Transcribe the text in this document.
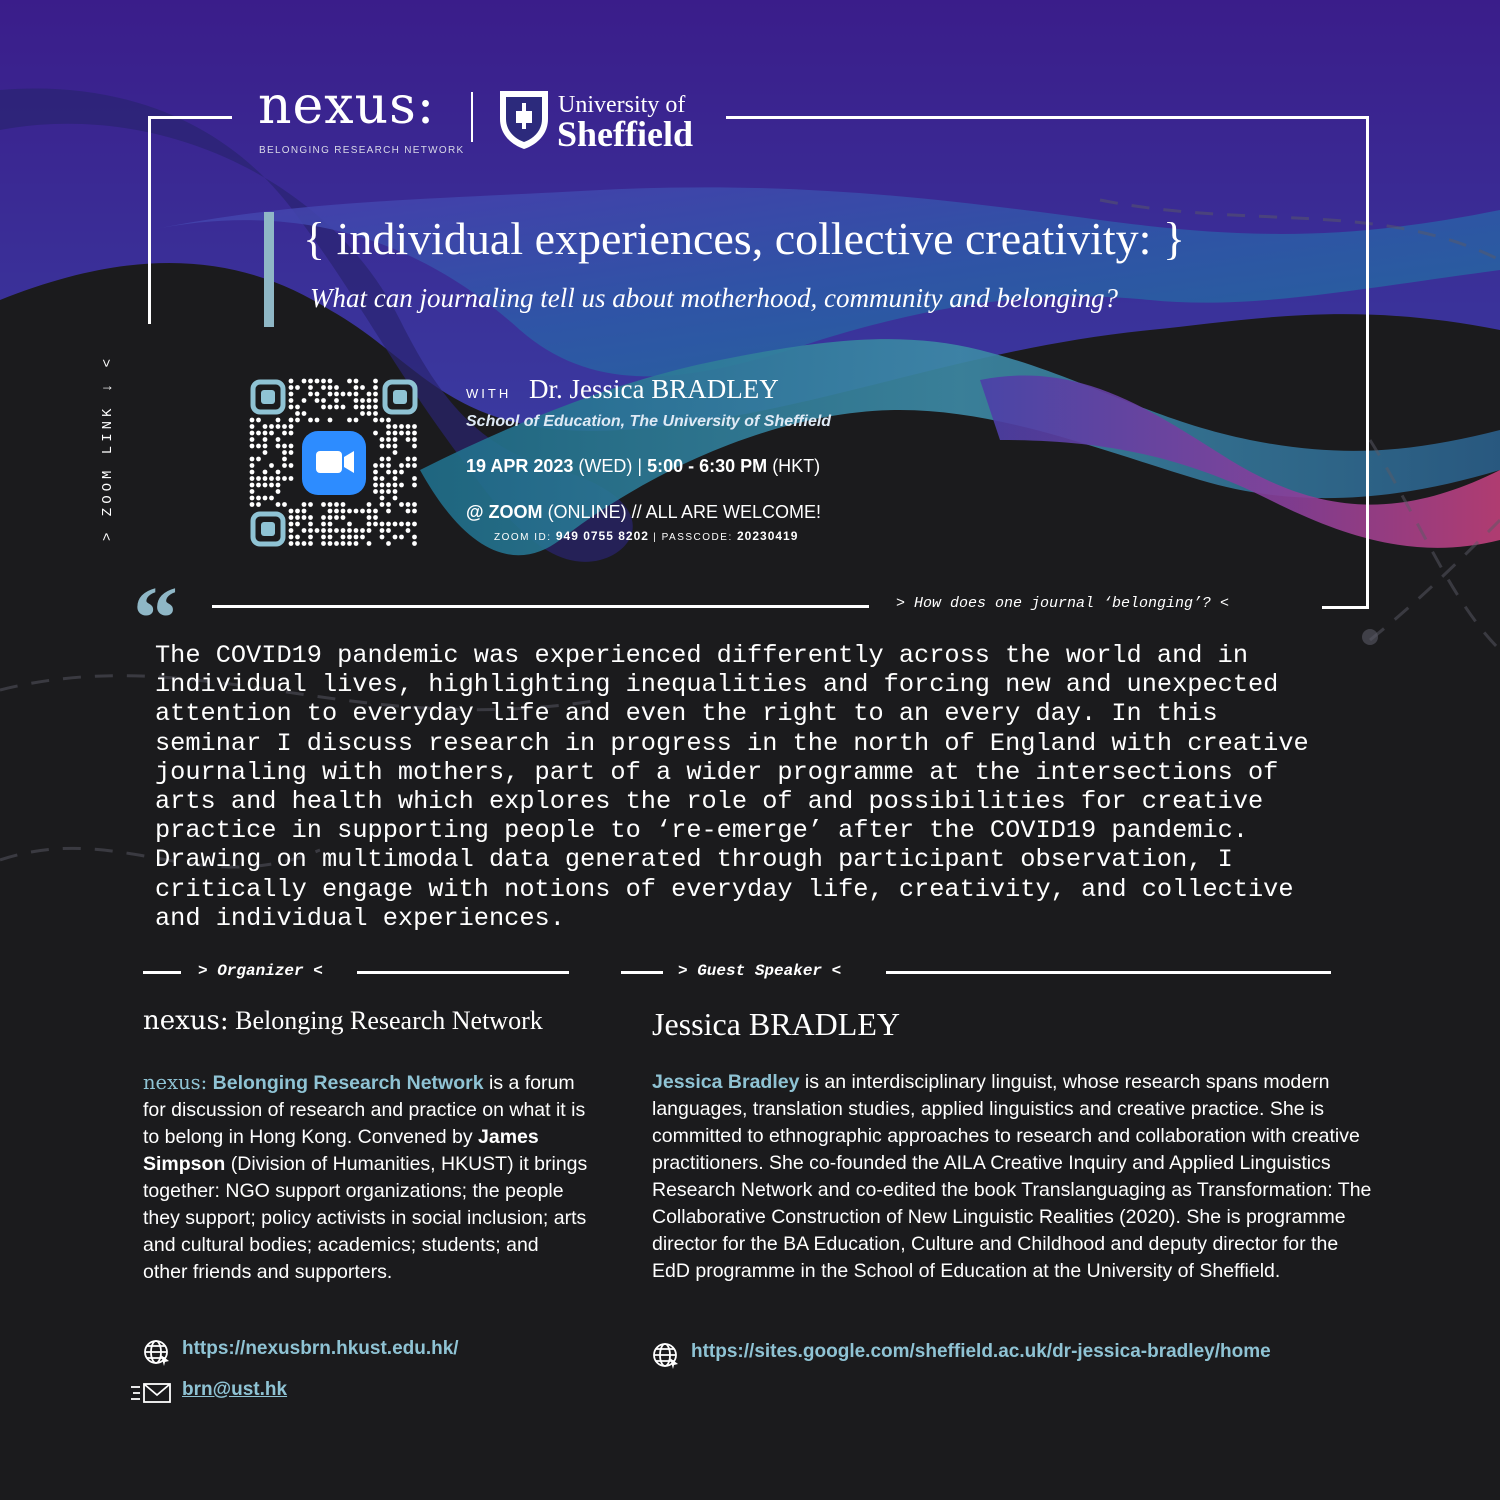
nexus:
BELONGING RESEARCH NETWORK
University of
Sheffield
{ individual experiences, collective creativity: }
What can journaling tell us about motherhood, community and belonging?
WITH Dr. Jessica BRADLEY
School of Education, The University of Sheffield
19 APR 2023 (WED) | 5:00 - 6:30 PM (HKT)
@ ZOOM (ONLINE) // ALL ARE WELCOME!
ZOOM ID: 949 0755 8202 | PASSCODE: 20230419
> ZOOM LINK ↓ <
“	> How does one journal ‘belonging’? <
The COVID19 pandemic was experienced differently across the world and in
individual lives, highlighting inequalities and forcing new and unexpected
attention to everyday life and even the right to an every day. In this
seminar I discuss research in progress in the north of England with creative
journaling with mothers, part of a wider programme at the intersections of
arts and health which explores the role of and possibilities for creative
practice in supporting people to ‘re-emerge’ after the COVID19 pandemic.
Drawing on multimodal data generated through participant observation, I
critically engage with notions of everyday life, creativity, and collective
and individual experiences.
> Organizer <	> Guest Speaker <
nexus: Belonging Research Network
nexus: Belonging Research Network is a forum for discussion of research and practice on what it is to belong in Hong Kong. Convened by James Simpson (Division of Humanities, HKUST) it brings together: NGO support organizations; the people they support; policy activists in social inclusion; arts and cultural bodies; academics; students; and other friends and supporters.
https://nexusbrn.hkust.edu.hk/
brn@ust.hk
Jessica BRADLEY
Jessica Bradley is an interdisciplinary linguist, whose research spans modern languages, translation studies, applied linguistics and creative practice. She is committed to ethnographic approaches to research and collaboration with creative practitioners. She co-founded the AILA Creative Inquiry and Applied Linguistics Research Network and co-edited the book Translanguaging as Transformation: The Collaborative Construction of New Linguistic Realities (2020). She is programme director for the BA Education, Culture and Childhood and deputy director for the EdD programme in the School of Education at the University of Sheffield.
https://sites.google.com/sheffield.ac.uk/dr-jessica-bradley/home
